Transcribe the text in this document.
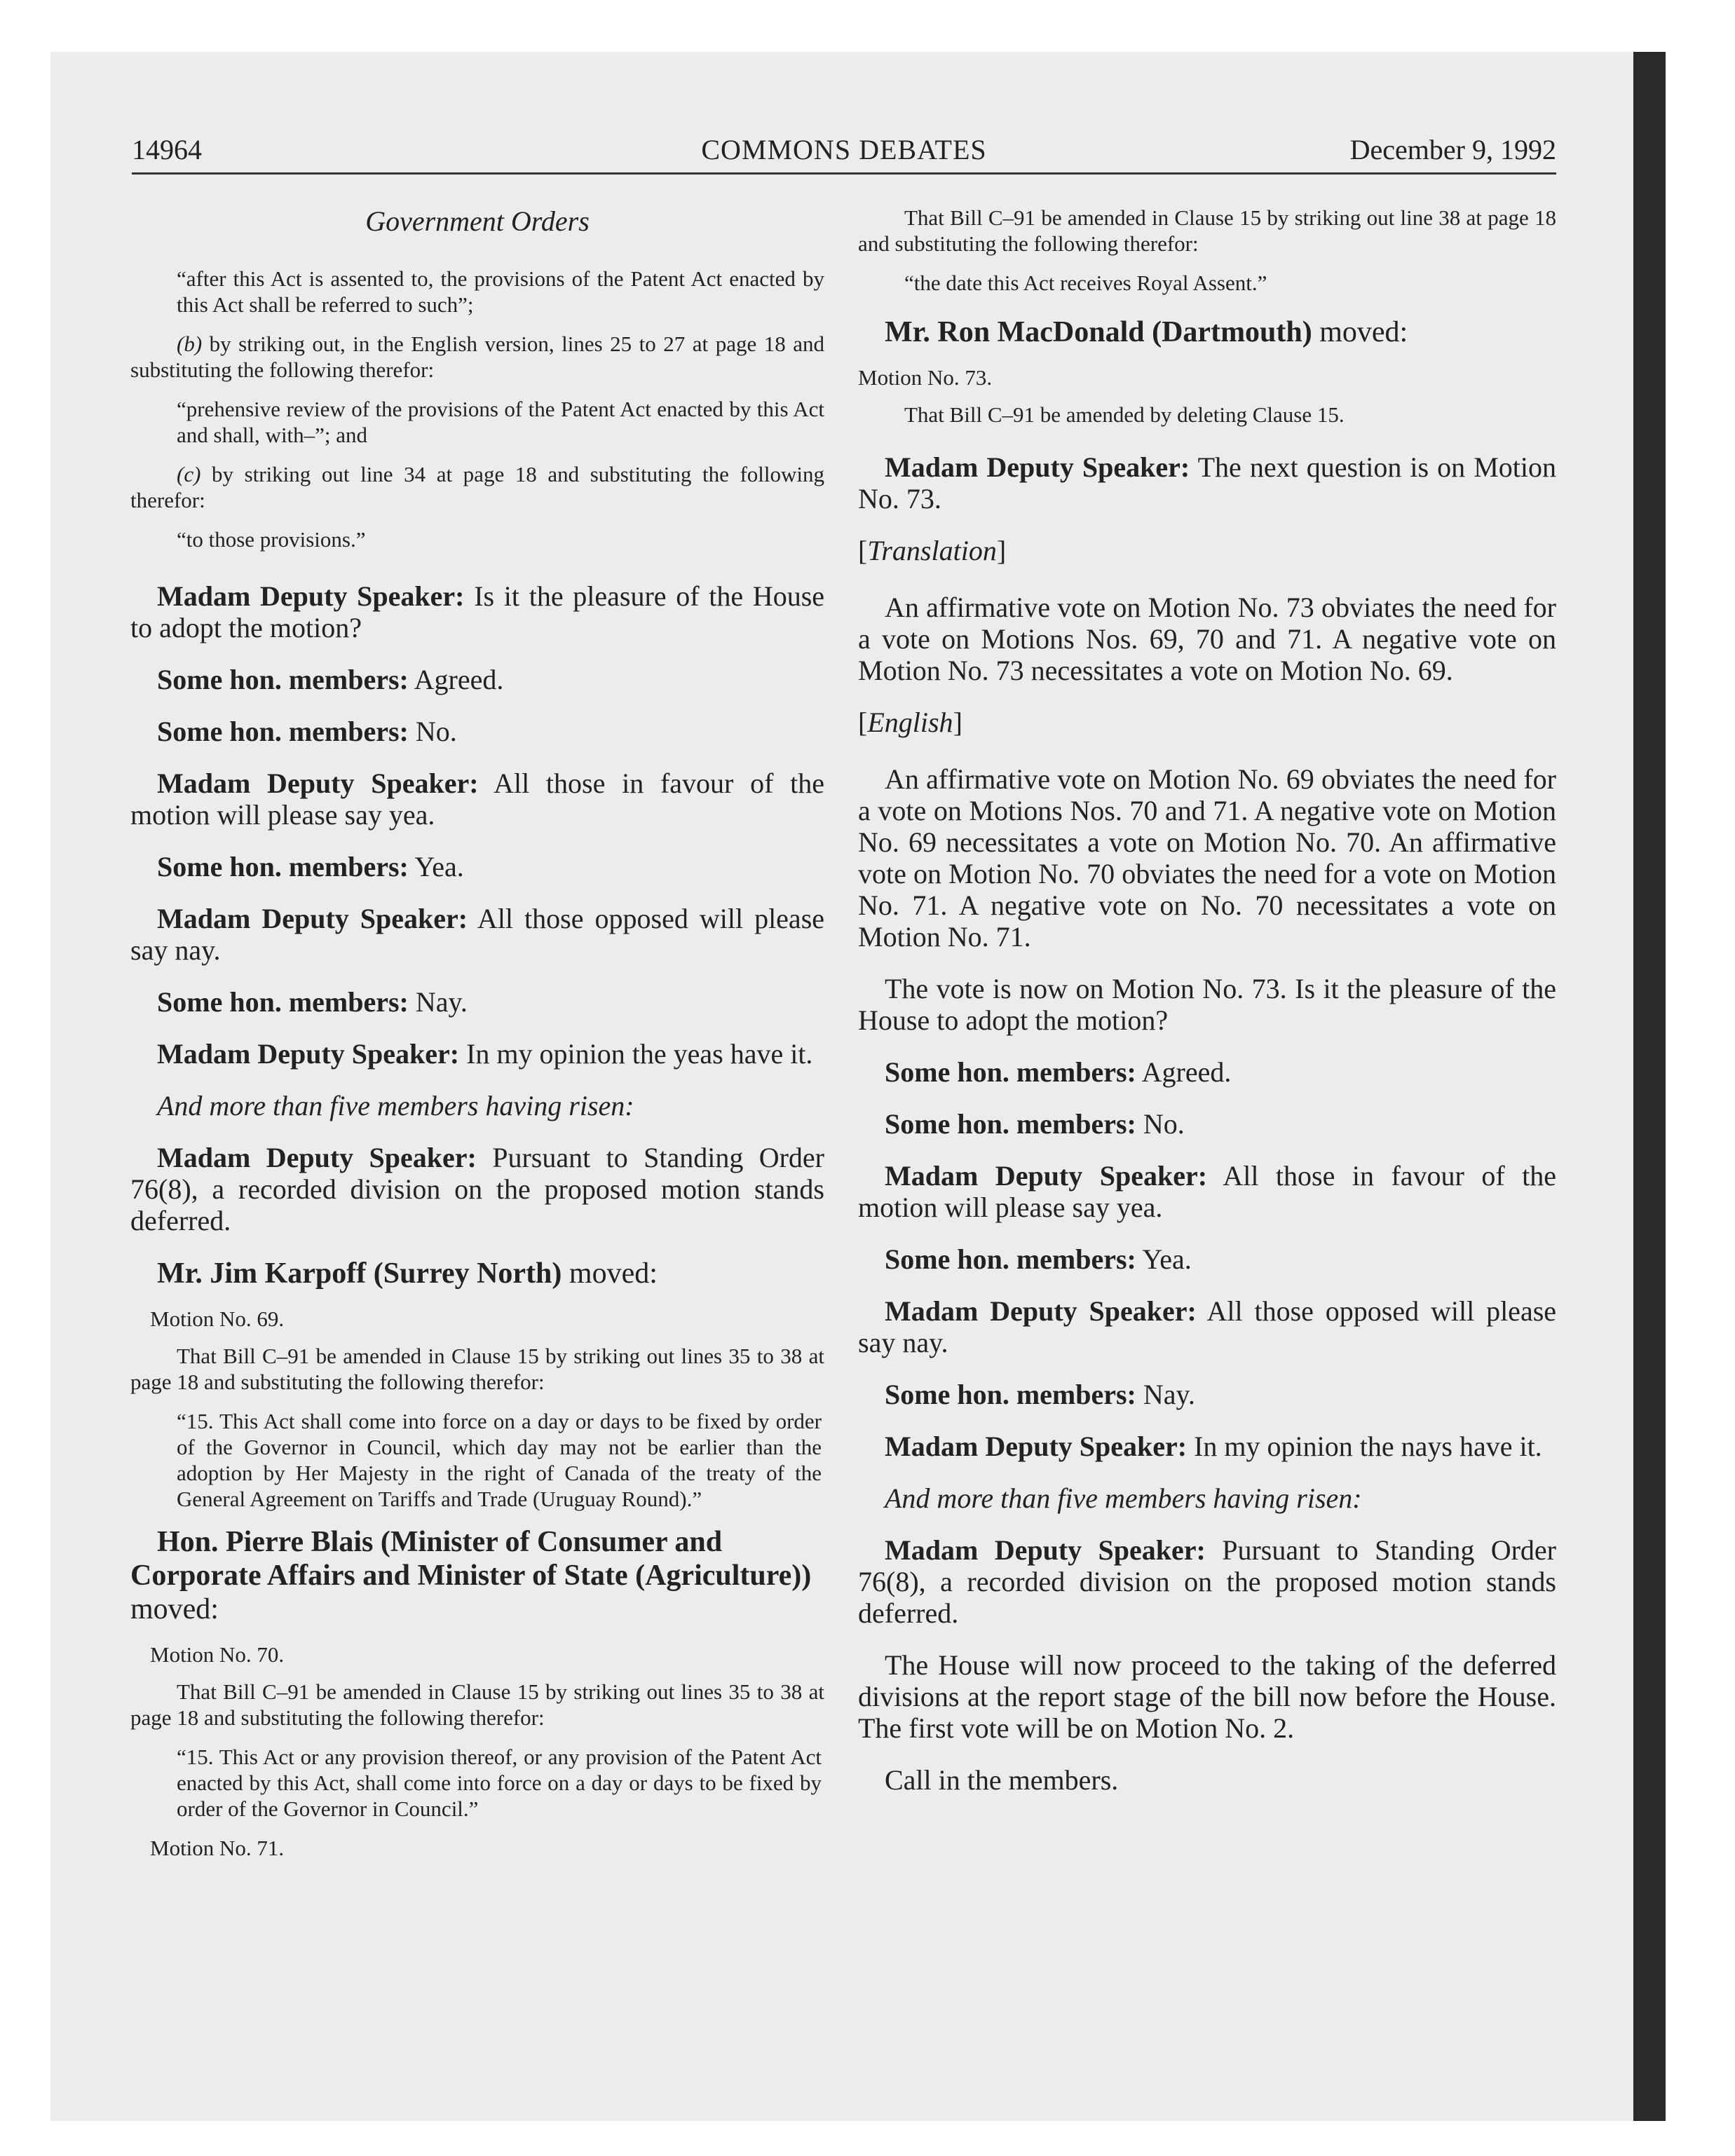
14964	COMMONS DEBATES	December 9, 1992
Government Orders

“after this Act is assented to, the provisions of the Patent Act enacted by this Act shall be referred to such”;

(b) by striking out, in the English version, lines 25 to 27 at page 18 and substituting the following therefor:

“prehensive review of the provisions of the Patent Act enacted by this Act and shall, with–”; and

(c) by striking out line 34 at page 18 and substituting the following therefor:

“to those provisions.”

Madam Deputy Speaker: Is it the pleasure of the House to adopt the motion?

Some hon. members: Agreed.

Some hon. members: No.

Madam Deputy Speaker: All those in favour of the motion will please say yea.

Some hon. members: Yea.

Madam Deputy Speaker: All those opposed will please say nay.

Some hon. members: Nay.

Madam Deputy Speaker: In my opinion the yeas have it.

And more than five members having risen:

Madam Deputy Speaker: Pursuant to Standing Order 76(8), a recorded division on the proposed motion stands deferred.

Mr. Jim Karpoff (Surrey North) moved:

Motion No. 69.

That Bill C–91 be amended in Clause 15 by striking out lines 35 to 38 at page 18 and substituting the following therefor:

“15. This Act shall come into force on a day or days to be fixed by order of the Governor in Council, which day may not be earlier than the adoption by Her Majesty in the right of Canada of the treaty of the General Agreement on Tariffs and Trade (Uruguay Round).”

Hon. Pierre Blais (Minister of Consumer and Corporate Affairs and Minister of State (Agriculture)) moved:

Motion No. 70.

That Bill C–91 be amended in Clause 15 by striking out lines 35 to 38 at page 18 and substituting the following therefor:

“15. This Act or any provision thereof, or any provision of the Patent Act enacted by this Act, shall come into force on a day or days to be fixed by order of the Governor in Council.”

Motion No. 71.

That Bill C–91 be amended in Clause 15 by striking out line 38 at page 18 and substituting the following therefor:

“the date this Act receives Royal Assent.”

Mr. Ron MacDonald (Dartmouth) moved:

Motion No. 73.

That Bill C–91 be amended by deleting Clause 15.

Madam Deputy Speaker: The next question is on Motion No. 73.

[Translation]

An affirmative vote on Motion No. 73 obviates the need for a vote on Motions Nos. 69, 70 and 71. A negative vote on Motion No. 73 necessitates a vote on Motion No. 69.

[English]

An affirmative vote on Motion No. 69 obviates the need for a vote on Motions Nos. 70 and 71. A negative vote on Motion No. 69 necessitates a vote on Motion No. 70. An affirmative vote on Motion No. 70 obviates the need for a vote on Motion No. 71. A negative vote on No. 70 necessitates a vote on Motion No. 71.

The vote is now on Motion No. 73. Is it the pleasure of the House to adopt the motion?

Some hon. members: Agreed.

Some hon. members: No.

Madam Deputy Speaker: All those in favour of the motion will please say yea.

Some hon. members: Yea.

Madam Deputy Speaker: All those opposed will please say nay.

Some hon. members: Nay.

Madam Deputy Speaker: In my opinion the nays have it.

And more than five members having risen:

Madam Deputy Speaker: Pursuant to Standing Order 76(8), a recorded division on the proposed motion stands deferred.

The House will now proceed to the taking of the deferred divisions at the report stage of the bill now before the House. The first vote will be on Motion No. 2.

Call in the members.
